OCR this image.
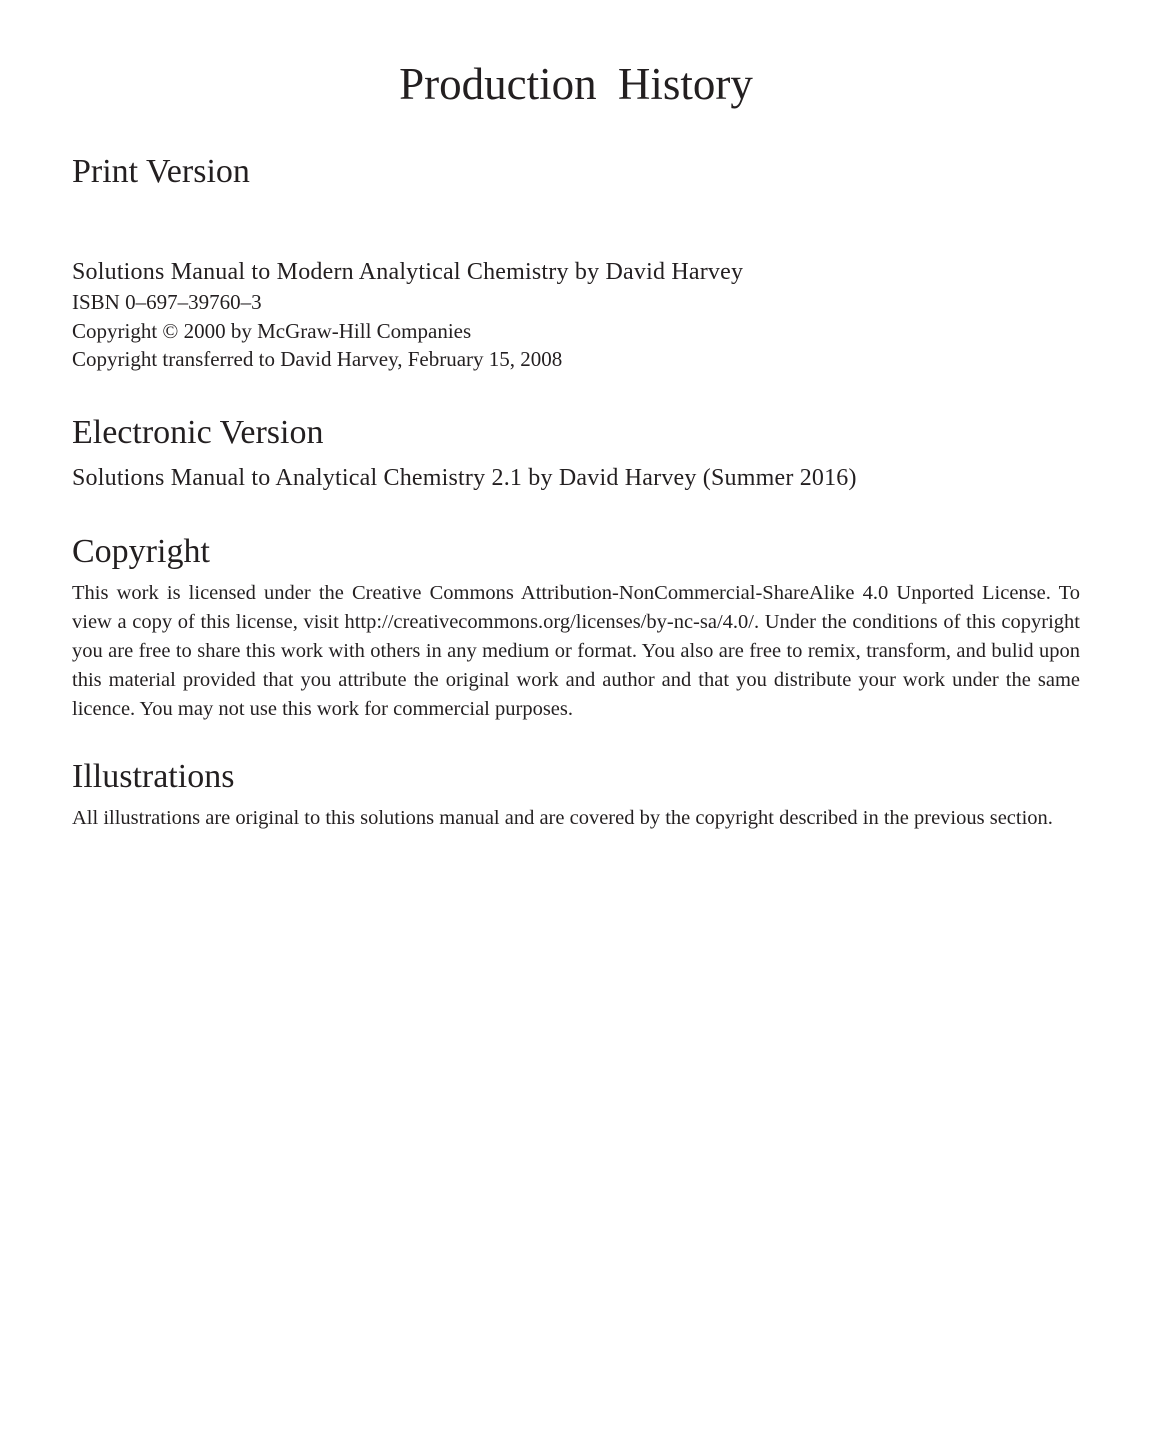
Production History
Print Version

Solutions Manual to Modern Analytical Chemistry by David Harvey

ISBN 0–697–39760–3

Copyright © 2000 by McGraw-Hill Companies

Copyright transferred to David Harvey, February 15, 2008

Electronic Version

Solutions Manual to Analytical Chemistry 2.1 by David Harvey (Summer 2016)

Copyright

This work is licensed under the Creative Commons Attribution-NonCommercial-ShareAlike 4.0 Unported License. To view a copy of this license, visit http://creativecommons.org/licenses/by-nc-sa/4.0/. Under the conditions of this copyright you are free to share this work with others in any medium or format. You also are free to remix, transform, and bulid upon this material provided that you attribute the original work and author and that you distribute your work under the same licence. You may not use this work for commercial purposes.

Illustrations

All illustrations are original to this solutions manual and are covered by the copyright described in the previous section.
